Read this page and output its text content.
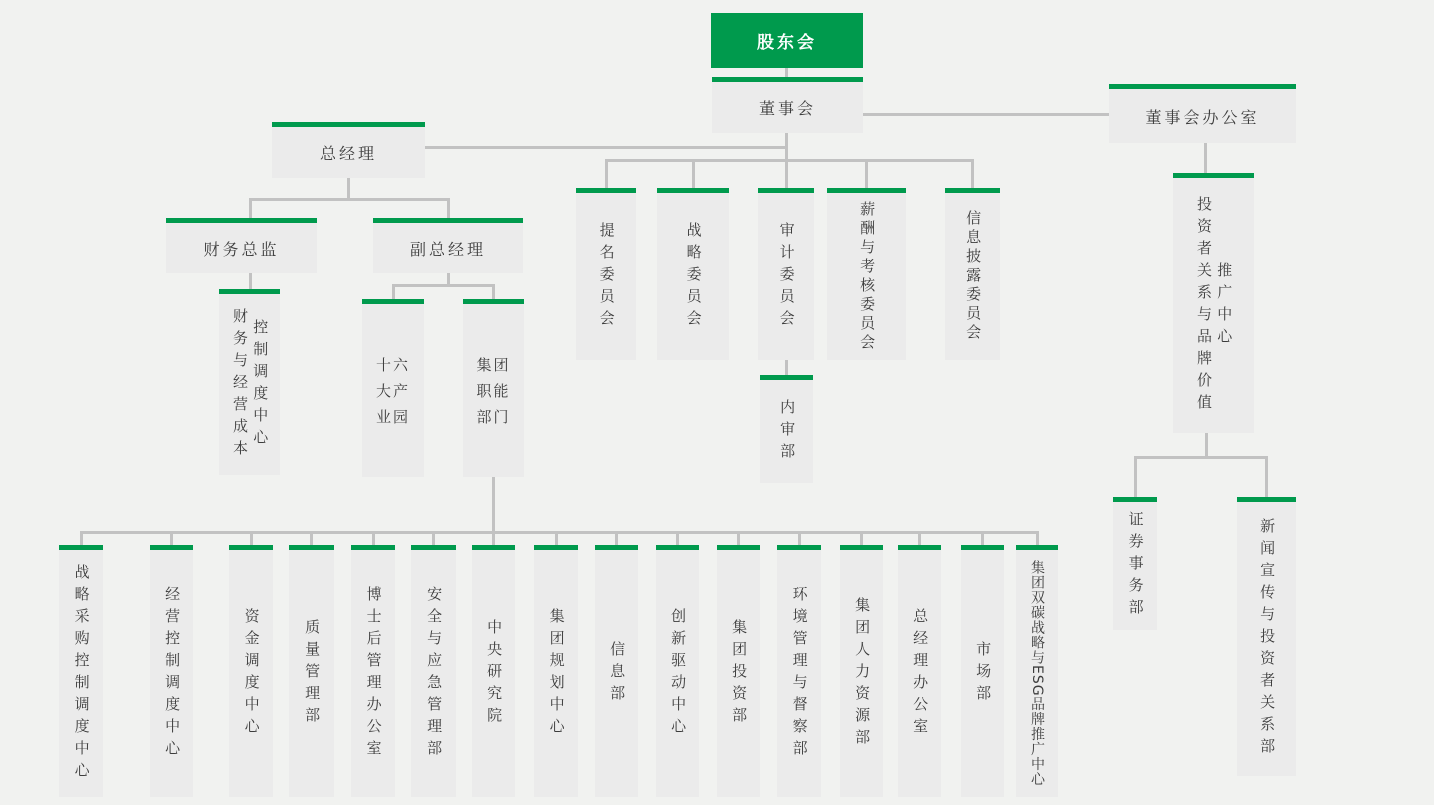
股东会
董事会	董事会办公室
总经理
财务总监	副总经理
财务与经营成本 控制调度中心	十六大产业园
集团职能部门
提名委员会	战略委员会	审计委员会	薪酬与考核委员会	信息披露委员会
内审部
投资者关系与品牌价值 推广中心
证券事务部	新闻宣传与投资者关系部
战略采购控制调度中心	经营控制调度中心	资金调度中心	质量管理部	博士后管理办公室	安全与应急管理部	中央研究院	集团规划中心	信息部	创新驱动中心	集团投资部	环境管理与督察部	集团人力资源部	总经理办公室	市场部	集团双碳战略与ESG品牌推广中心
